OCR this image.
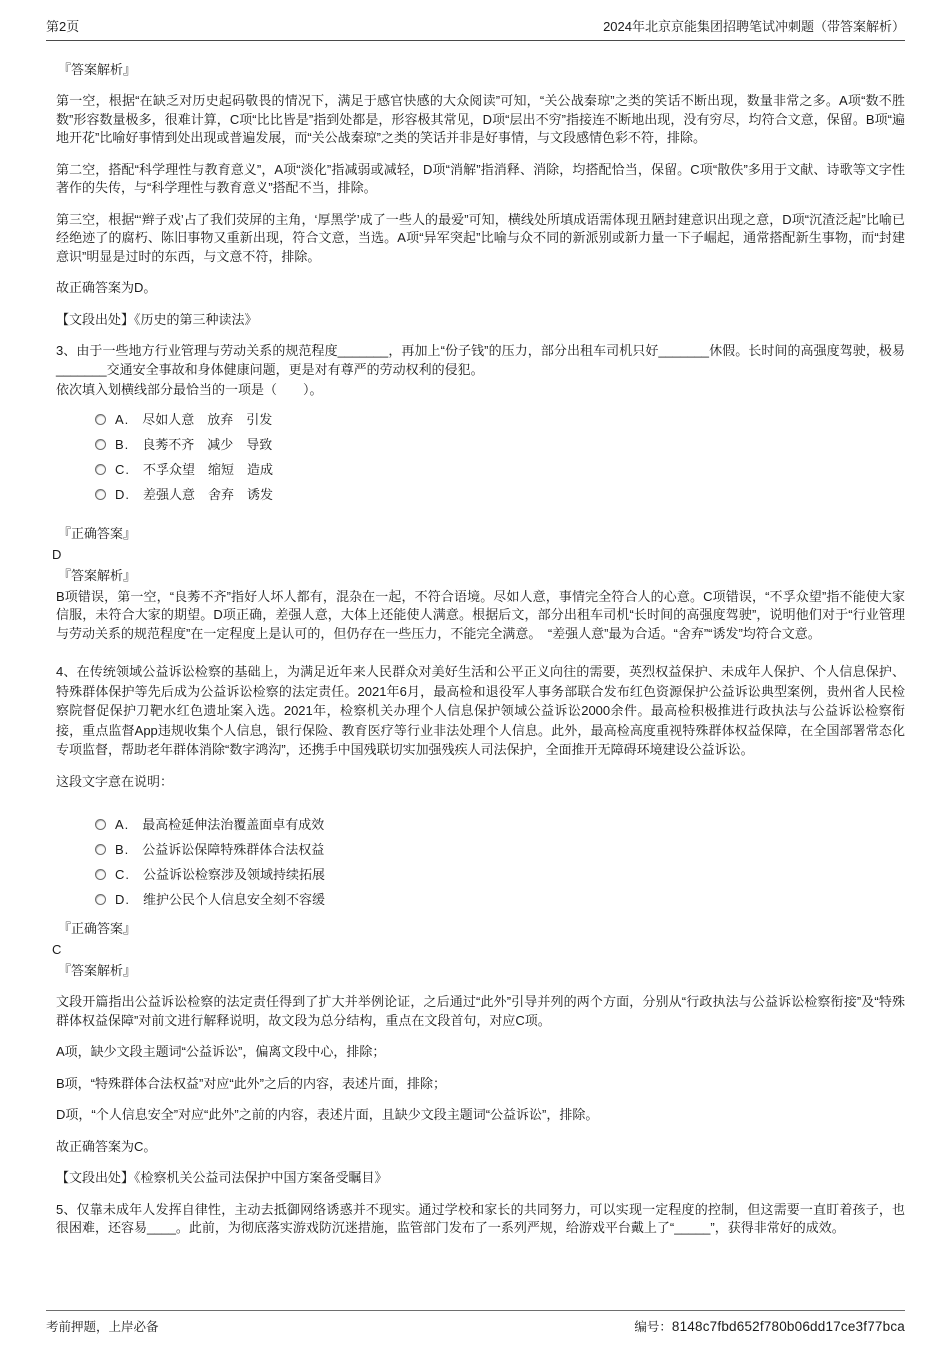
第2页	2024年北京京能集团招聘笔试冲刺题（带答案解析）

『答案解析』

第一空，根据“在缺乏对历史起码敬畏的情况下，满足于感官快感的大众阅读”可知，“关公战秦琼”之类的笑话不断出现，数量非常之多。A项“数不胜数”形容数量极多，很难计算，C项“比比皆是”指到处都是，形容极其常见，D项“层出不穷”指接连不断地出现，没有穷尽，均符合文意，保留。B项“遍地开花”比喻好事情到处出现或普遍发展，而“关公战秦琼”之类的笑话并非是好事情，与文段感情色彩不符，排除。

第二空，搭配“科学理性与教育意义”，A项“淡化”指减弱或减轻，D项“消解”指消释、消除，均搭配恰当，保留。C项“散佚”多用于文献、诗歌等文字性著作的失传，与“科学理性与教育意义”搭配不当，排除。

第三空，根据“‘辫子戏’占了我们荧屏的主角，‘厚黑学’成了一些人的最爱”可知，横线处所填成语需体现丑陋封建意识出现之意，D项“沉渣泛起”比喻已经绝迹了的腐朽、陈旧事物又重新出现，符合文意，当选。A项“异军突起”比喻与众不同的新派别或新力量一下子崛起，通常搭配新生事物，而“封建意识”明显是过时的东西，与文意不符，排除。

故正确答案为D。

【文段出处】《历史的第三种读法》

3、由于一些地方行业管理与劳动关系的规范程度_______，再加上“份子钱”的压力，部分出租车司机只好_______休假。长时间的高强度驾驶，极易_______交通安全事故和身体健康问题，更是对有尊严的劳动权利的侵犯。

依次填入划横线部分最恰当的一项是（　　）。

A. 尽如人意　放弃　引发
B. 良莠不齐　减少　导致
C. 不孚众望　缩短　造成
D. 差强人意　舍弃　诱发

『正确答案』

D

『答案解析』

B项错误，第一空，“良莠不齐”指好人坏人都有，混杂在一起，不符合语境。尽如人意，事情完全符合人的心意。C项错误，“不孚众望”指不能使大家信服，未符合大家的期望。D项正确，差强人意，大体上还能使人满意。根据后文，部分出租车司机“长时间的高强度驾驶”，说明他们对于“行业管理与劳动关系的规范程度”在一定程度上是认可的，但仍存在一些压力，不能完全满意。　“差强人意”最为合适。“舍弃”“诱发”均符合文意。

4、在传统领域公益诉讼检察的基础上，为满足近年来人民群众对美好生活和公平正义向往的需要，英烈权益保护、未成年人保护、个人信息保护、特殊群体保护等先后成为公益诉讼检察的法定责任。2021年6月，最高检和退役军人事务部联合发布红色资源保护公益诉讼典型案例，贵州省人民检察院督促保护刀靶水红色遗址案入选。2021年，检察机关办理个人信息保护领域公益诉讼2000余件。最高检积极推进行政执法与公益诉讼检察衔接，重点监督App违规收集个人信息，银行保险、教育医疗等行业非法处理个人信息。此外，最高检高度重视特殊群体权益保障，在全国部署常态化专项监督，帮助老年群体消除“数字鸿沟”，还携手中国残联切实加强残疾人司法保护，全面推开无障碍环境建设公益诉讼。

这段文字意在说明：

A. 最高检延伸法治覆盖面卓有成效
B. 公益诉讼保障特殊群体合法权益
C. 公益诉讼检察涉及领域持续拓展
D. 维护公民个人信息安全刻不容缓

『正确答案』

C

『答案解析』

文段开篇指出公益诉讼检察的法定责任得到了扩大并举例论证，之后通过“此外”引导并列的两个方面，分别从“行政执法与公益诉讼检察衔接”及“特殊群体权益保障”对前文进行解释说明，故文段为总分结构，重点在文段首句，对应C项。

A项，缺少文段主题词“公益诉讼”，偏离文段中心，排除；

B项，“特殊群体合法权益”对应“此外”之后的内容，表述片面，排除；

D项，“个人信息安全”对应“此外”之前的内容，表述片面，且缺少文段主题词“公益诉讼”，排除。

故正确答案为C。

【文段出处】《检察机关公益司法保护中国方案备受瞩目》

5、仅靠未成年人发挥自律性，主动去抵御网络诱惑并不现实。通过学校和家长的共同努力，可以实现一定程度的控制，但这需要一直盯着孩子，也很困难，还容易____。此前，为彻底落实游戏防沉迷措施，监管部门发布了一系列严规，给游戏平台戴上了“_____”，获得非常好的成效。

考前押题，上岸必备	编号： 8148c7fbd652f780b06dd17ce3f77bca
